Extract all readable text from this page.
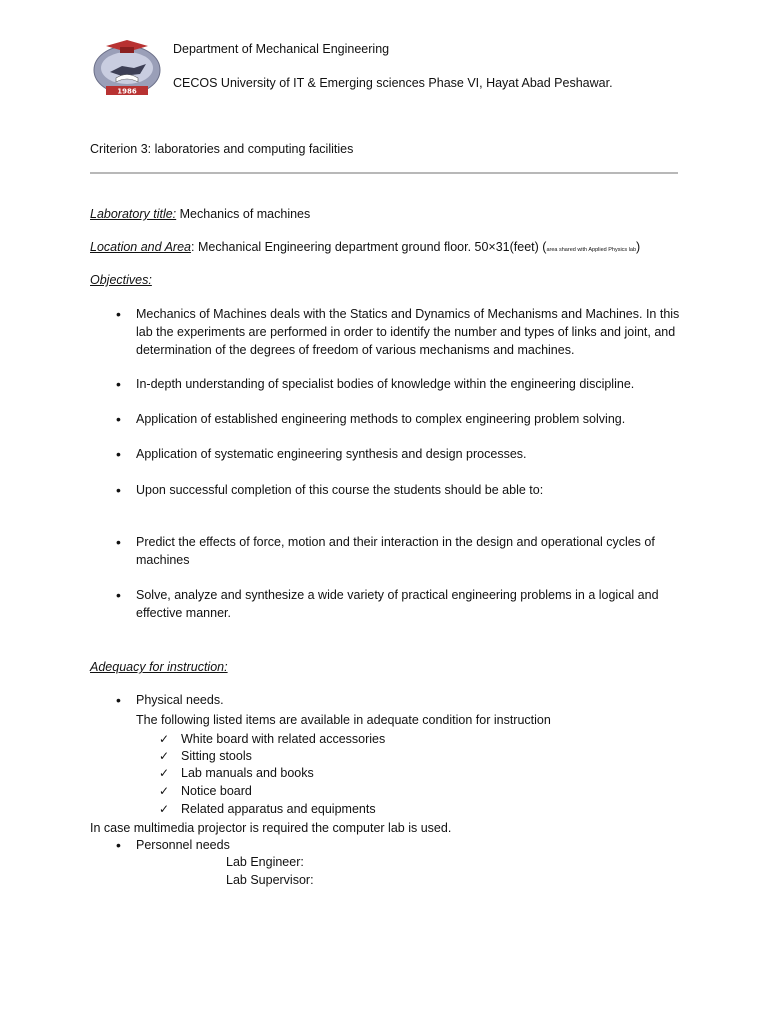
1986
Department of Mechanical Engineering
CECOS University of IT & Emerging sciences Phase VI, Hayat Abad Peshawar.
Criterion 3: laboratories and computing facilities
Laboratory title: Mechanics of machines
Location and Area: Mechanical Engineering department ground floor. 50×31(feet) (area shared with Applied Physics lab)
Objectives:
• Mechanics of Machines deals with the Statics and Dynamics of Mechanisms and Machines. In this lab the experiments are performed in order to identify the number and types of links and joint, and determination of the degrees of freedom of various mechanisms and machines.
• In-depth understanding of specialist bodies of knowledge within the engineering discipline.
• Application of established engineering methods to complex engineering problem solving.
• Application of systematic engineering synthesis and design processes.
• Upon successful completion of this course the students should be able to:
• Predict the effects of force, motion and their interaction in the design and operational cycles of machines
• Solve, analyze and synthesize a wide variety of practical engineering problems in a logical and effective manner.
Adequacy for instruction:
• Physical needs.
The following listed items are available in adequate condition for instruction
✓ White board with related accessories
✓ Sitting stools
✓ Lab manuals and books
✓ Notice board
✓ Related apparatus and equipments
In case multimedia projector is required the computer lab is used.
• Personnel needs
Lab Engineer:
Lab Supervisor:
